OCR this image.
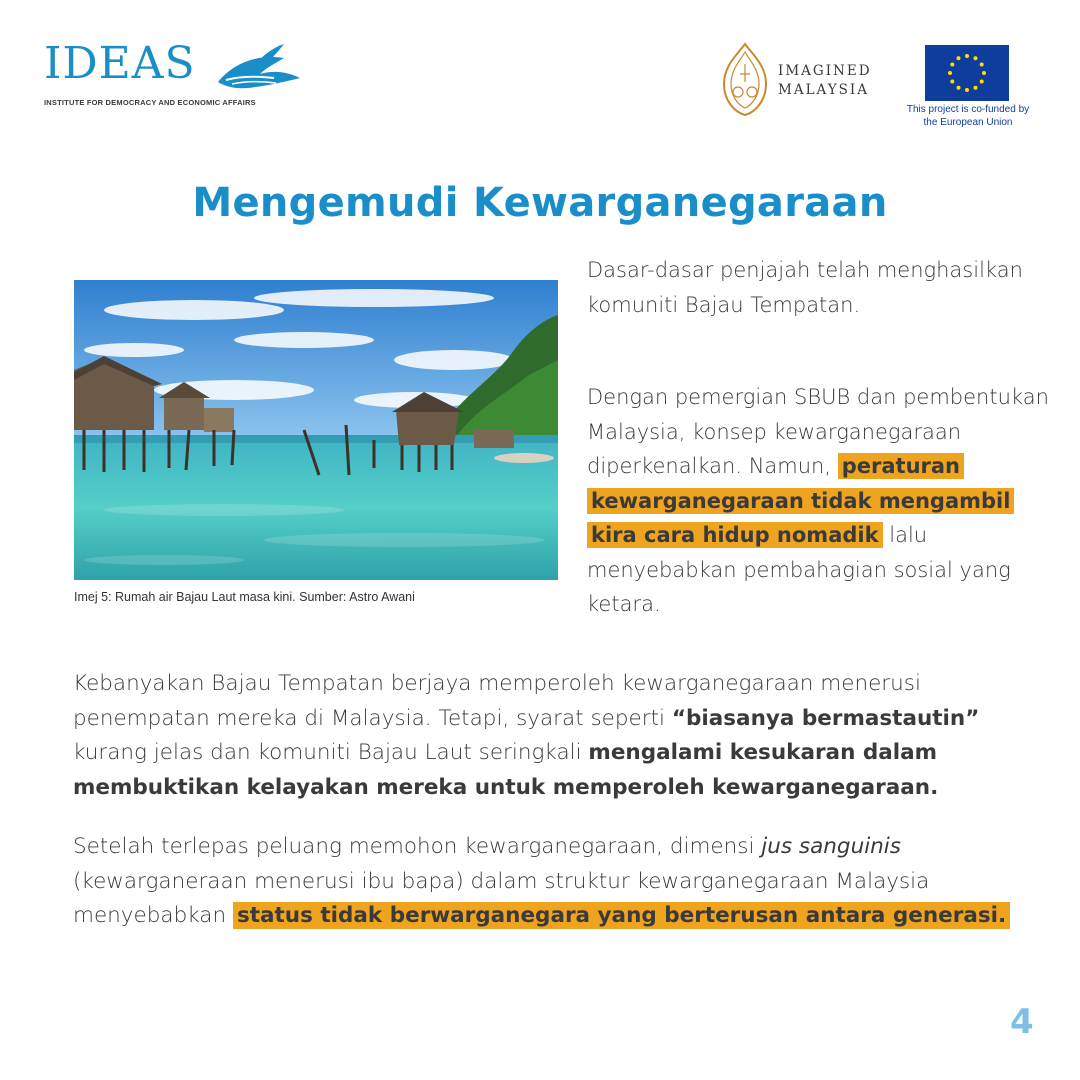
IDEAS
INSTITUTE FOR DEMOCRACY AND ECONOMIC AFFAIRS
IMAGINED
MALAYSIA
This project is co-funded by
the European Union
Mengemudi Kewarganegaraan
Imej 5: Rumah air Bajau Laut masa kini. Sumber: Astro Awani
Dasar-dasar penjajah telah menghasilkan komuniti Bajau Tempatan.
Dengan pemergian SBUB dan pembentukan Malaysia, konsep kewarganegaraan diperkenalkan. Namun, peraturan kewarganegaraan tidak mengambil kira cara hidup nomadik lalu menyebabkan pembahagian sosial yang ketara.
Kebanyakan Bajau Tempatan berjaya memperoleh kewarganegaraan menerusi penempatan mereka di Malaysia. Tetapi, syarat seperti “biasanya bermastautin” kurang jelas dan komuniti Bajau Laut seringkali mengalami kesukaran dalam membuktikan kelayakan mereka untuk memperoleh kewarganegaraan.
Setelah terlepas peluang memohon kewarganegaraan, dimensi jus sanguinis (kewarganeraan menerusi ibu bapa) dalam struktur kewarganegaraan Malaysia menyebabkan status tidak berwarganegara yang berterusan antara generasi.
4
